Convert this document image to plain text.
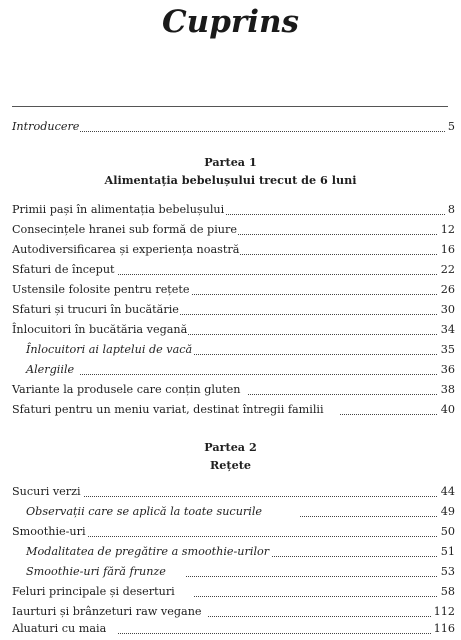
Cuprins
Introducere	5
Partea 1
Alimentația bebelușului trecut de 6 luni
Primii pași în alimentația bebelușului	8
Consecințele hranei sub formă de piure	12
Autodiversificarea și experiența noastră	16
Sfaturi de început	22
Ustensile folosite pentru rețete	26
Sfaturi și trucuri în bucătărie	30
Înlocuitori în bucătăria vegană	34
Înlocuitori ai laptelui de vacă	35
Alergiile	36
Variante la produsele care conțin gluten	38
Sfaturi pentru un meniu variat, destinat întregii familii	40
Partea 2
Rețete
Sucuri verzi	44
Observații care se aplică la toate sucurile	49
Smoothie-uri	50
Modalitatea de pregătire a smoothie-urilor	51
Smoothie-uri fără frunze	53
Feluri principale și deserturi	58
Iaurturi și brânzeturi raw vegane	112
Aluaturi cu maia	116
